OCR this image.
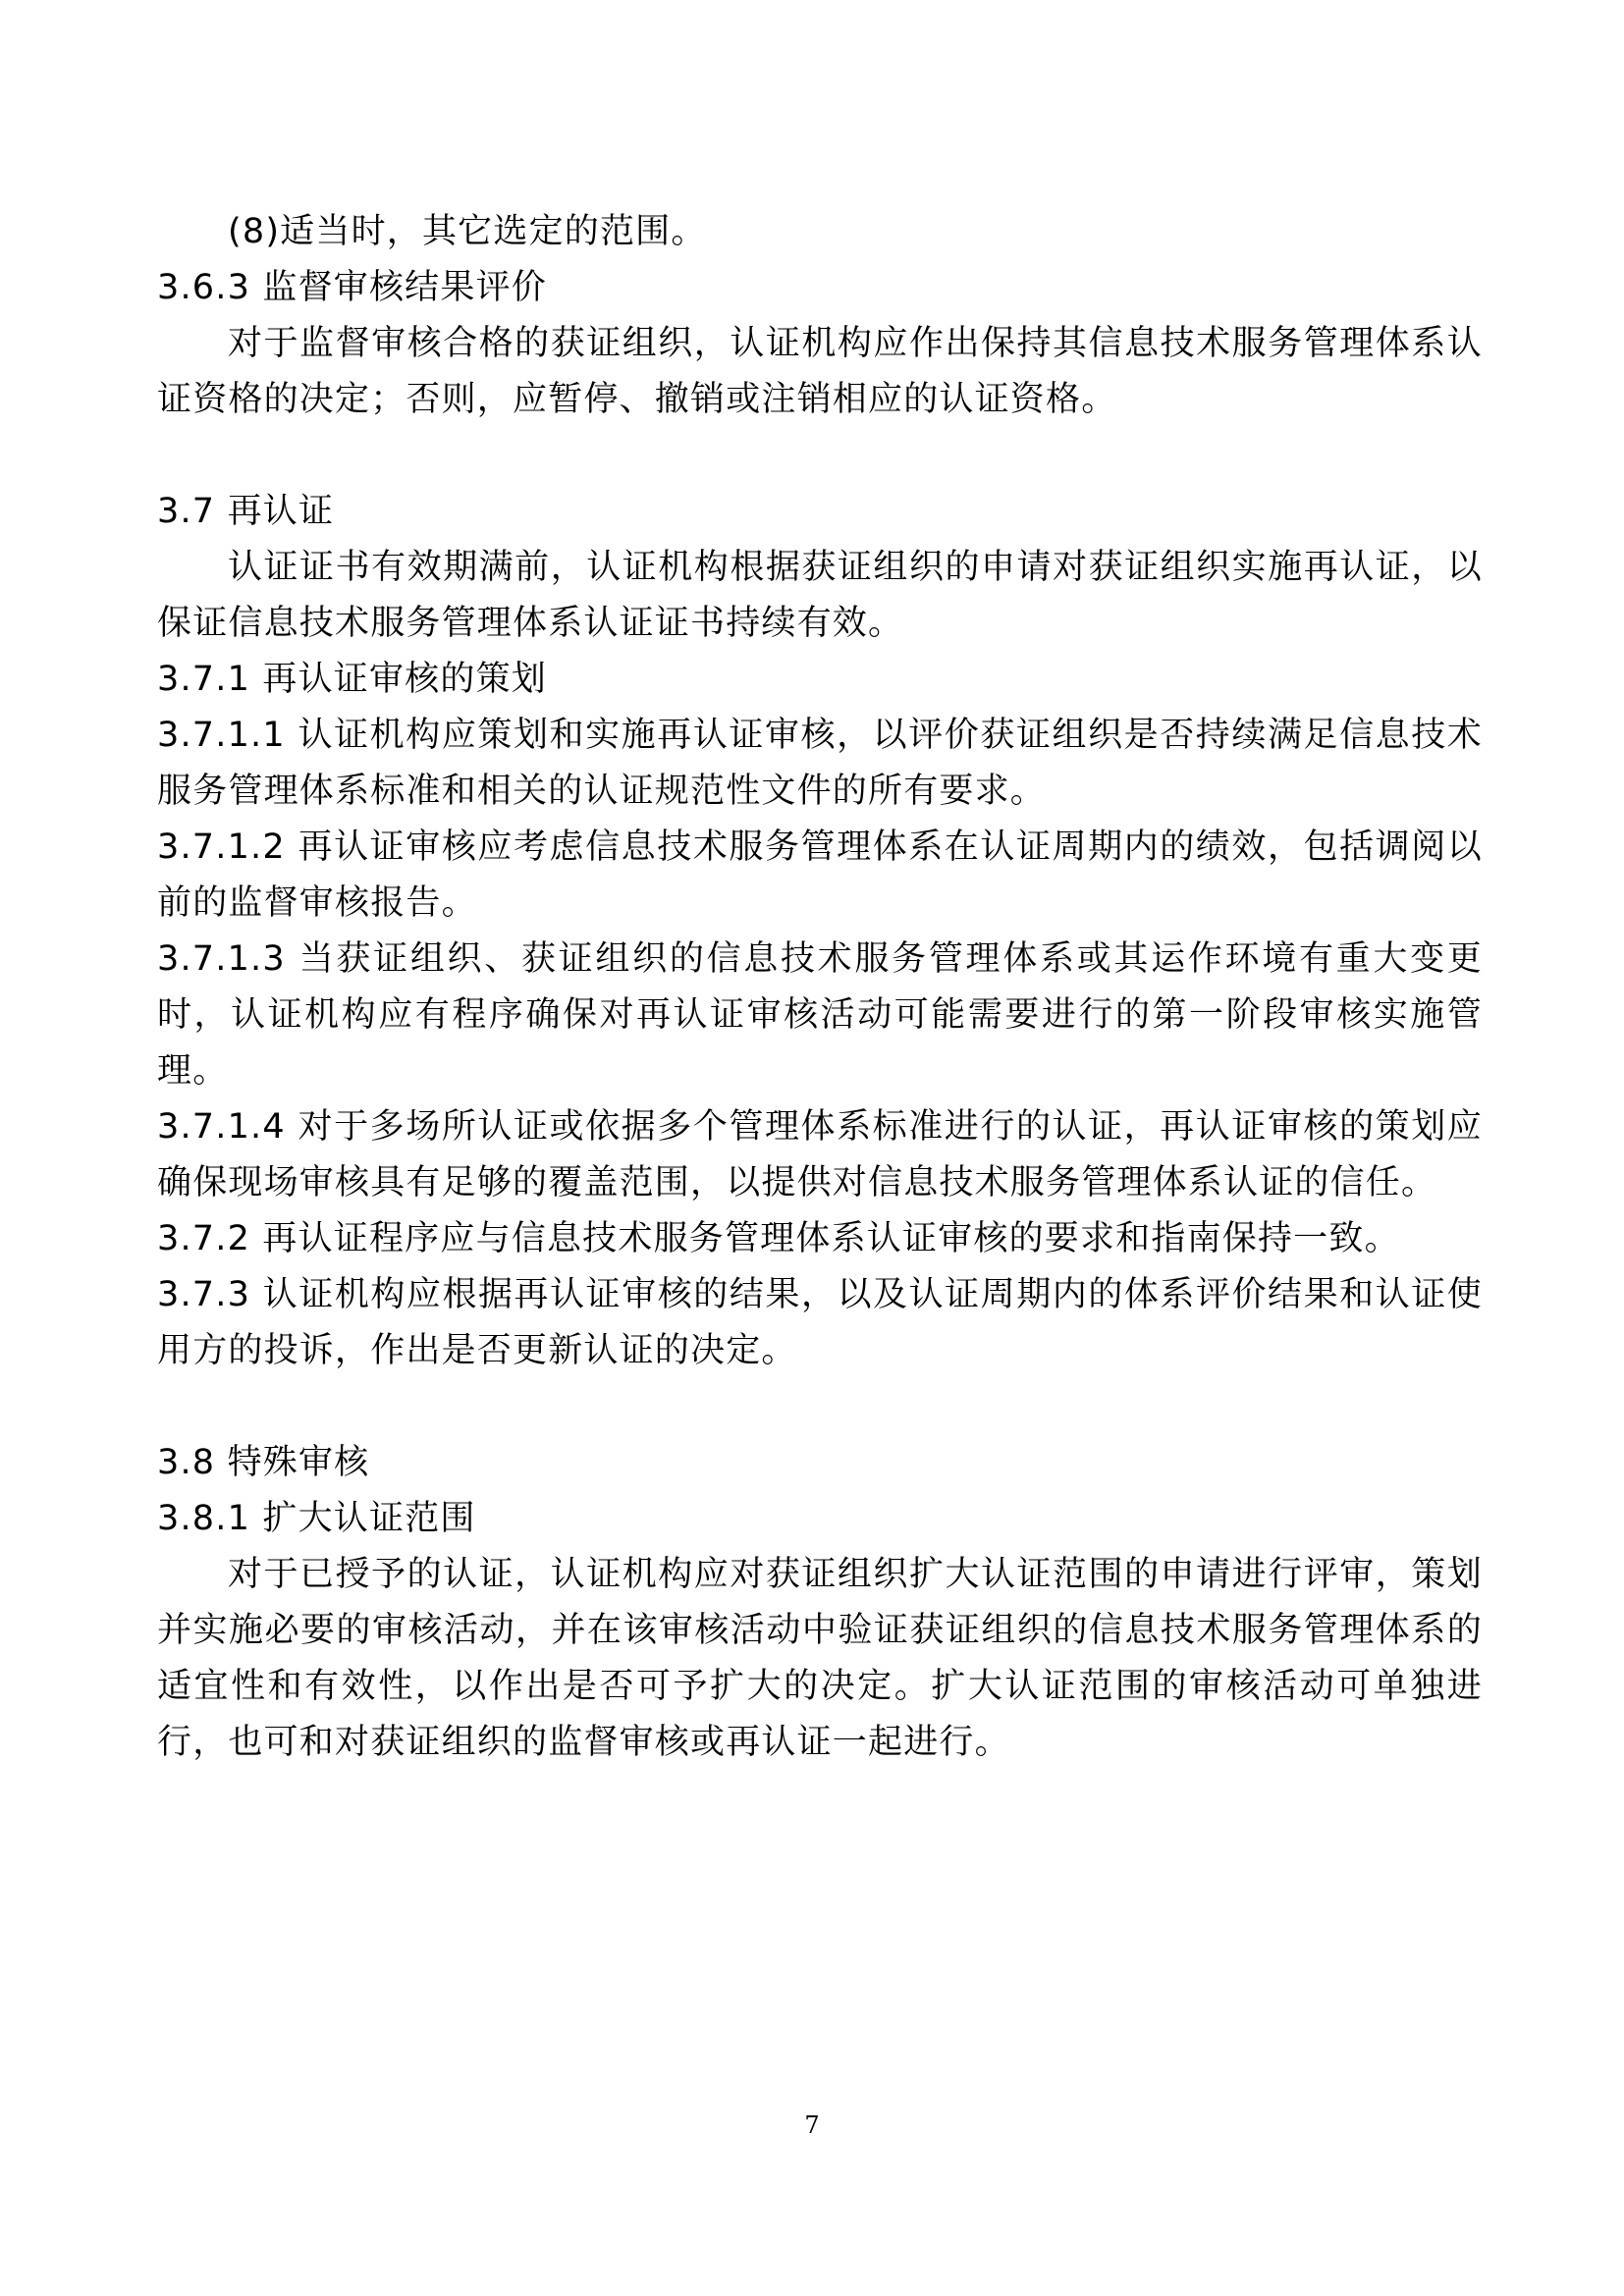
(8)适当时，其它选定的范围。

3.6.3 监督审核结果评价

对于监督审核合格的获证组织，认证机构应作出保持其信息技术服务管理体系认证资格的决定；否则，应暂停、撤销或注销相应的认证资格。

3.7 再认证

认证证书有效期满前，认证机构根据获证组织的申请对获证组织实施再认证，以保证信息技术服务管理体系认证证书持续有效。

3.7.1 再认证审核的策划

3.7.1.1 认证机构应策划和实施再认证审核，以评价获证组织是否持续满足信息技术服务管理体系标准和相关的认证规范性文件的所有要求。

3.7.1.2 再认证审核应考虑信息技术服务管理体系在认证周期内的绩效，包括调阅以前的监督审核报告。

3.7.1.3 当获证组织、获证组织的信息技术服务管理体系或其运作环境有重大变更时，认证机构应有程序确保对再认证审核活动可能需要进行的第一阶段审核实施管理。

3.7.1.4 对于多场所认证或依据多个管理体系标准进行的认证，再认证审核的策划应确保现场审核具有足够的覆盖范围，以提供对信息技术服务管理体系认证的信任。

3.7.2 再认证程序应与信息技术服务管理体系认证审核的要求和指南保持一致。

3.7.3 认证机构应根据再认证审核的结果，以及认证周期内的体系评价结果和认证使用方的投诉，作出是否更新认证的决定。

3.8 特殊审核

3.8.1 扩大认证范围

对于已授予的认证，认证机构应对获证组织扩大认证范围的申请进行评审，策划并实施必要的审核活动，并在该审核活动中验证获证组织的信息技术服务管理体系的适宜性和有效性，以作出是否可予扩大的决定。扩大认证范围的审核活动可单独进行，也可和对获证组织的监督审核或再认证一起进行。

7
